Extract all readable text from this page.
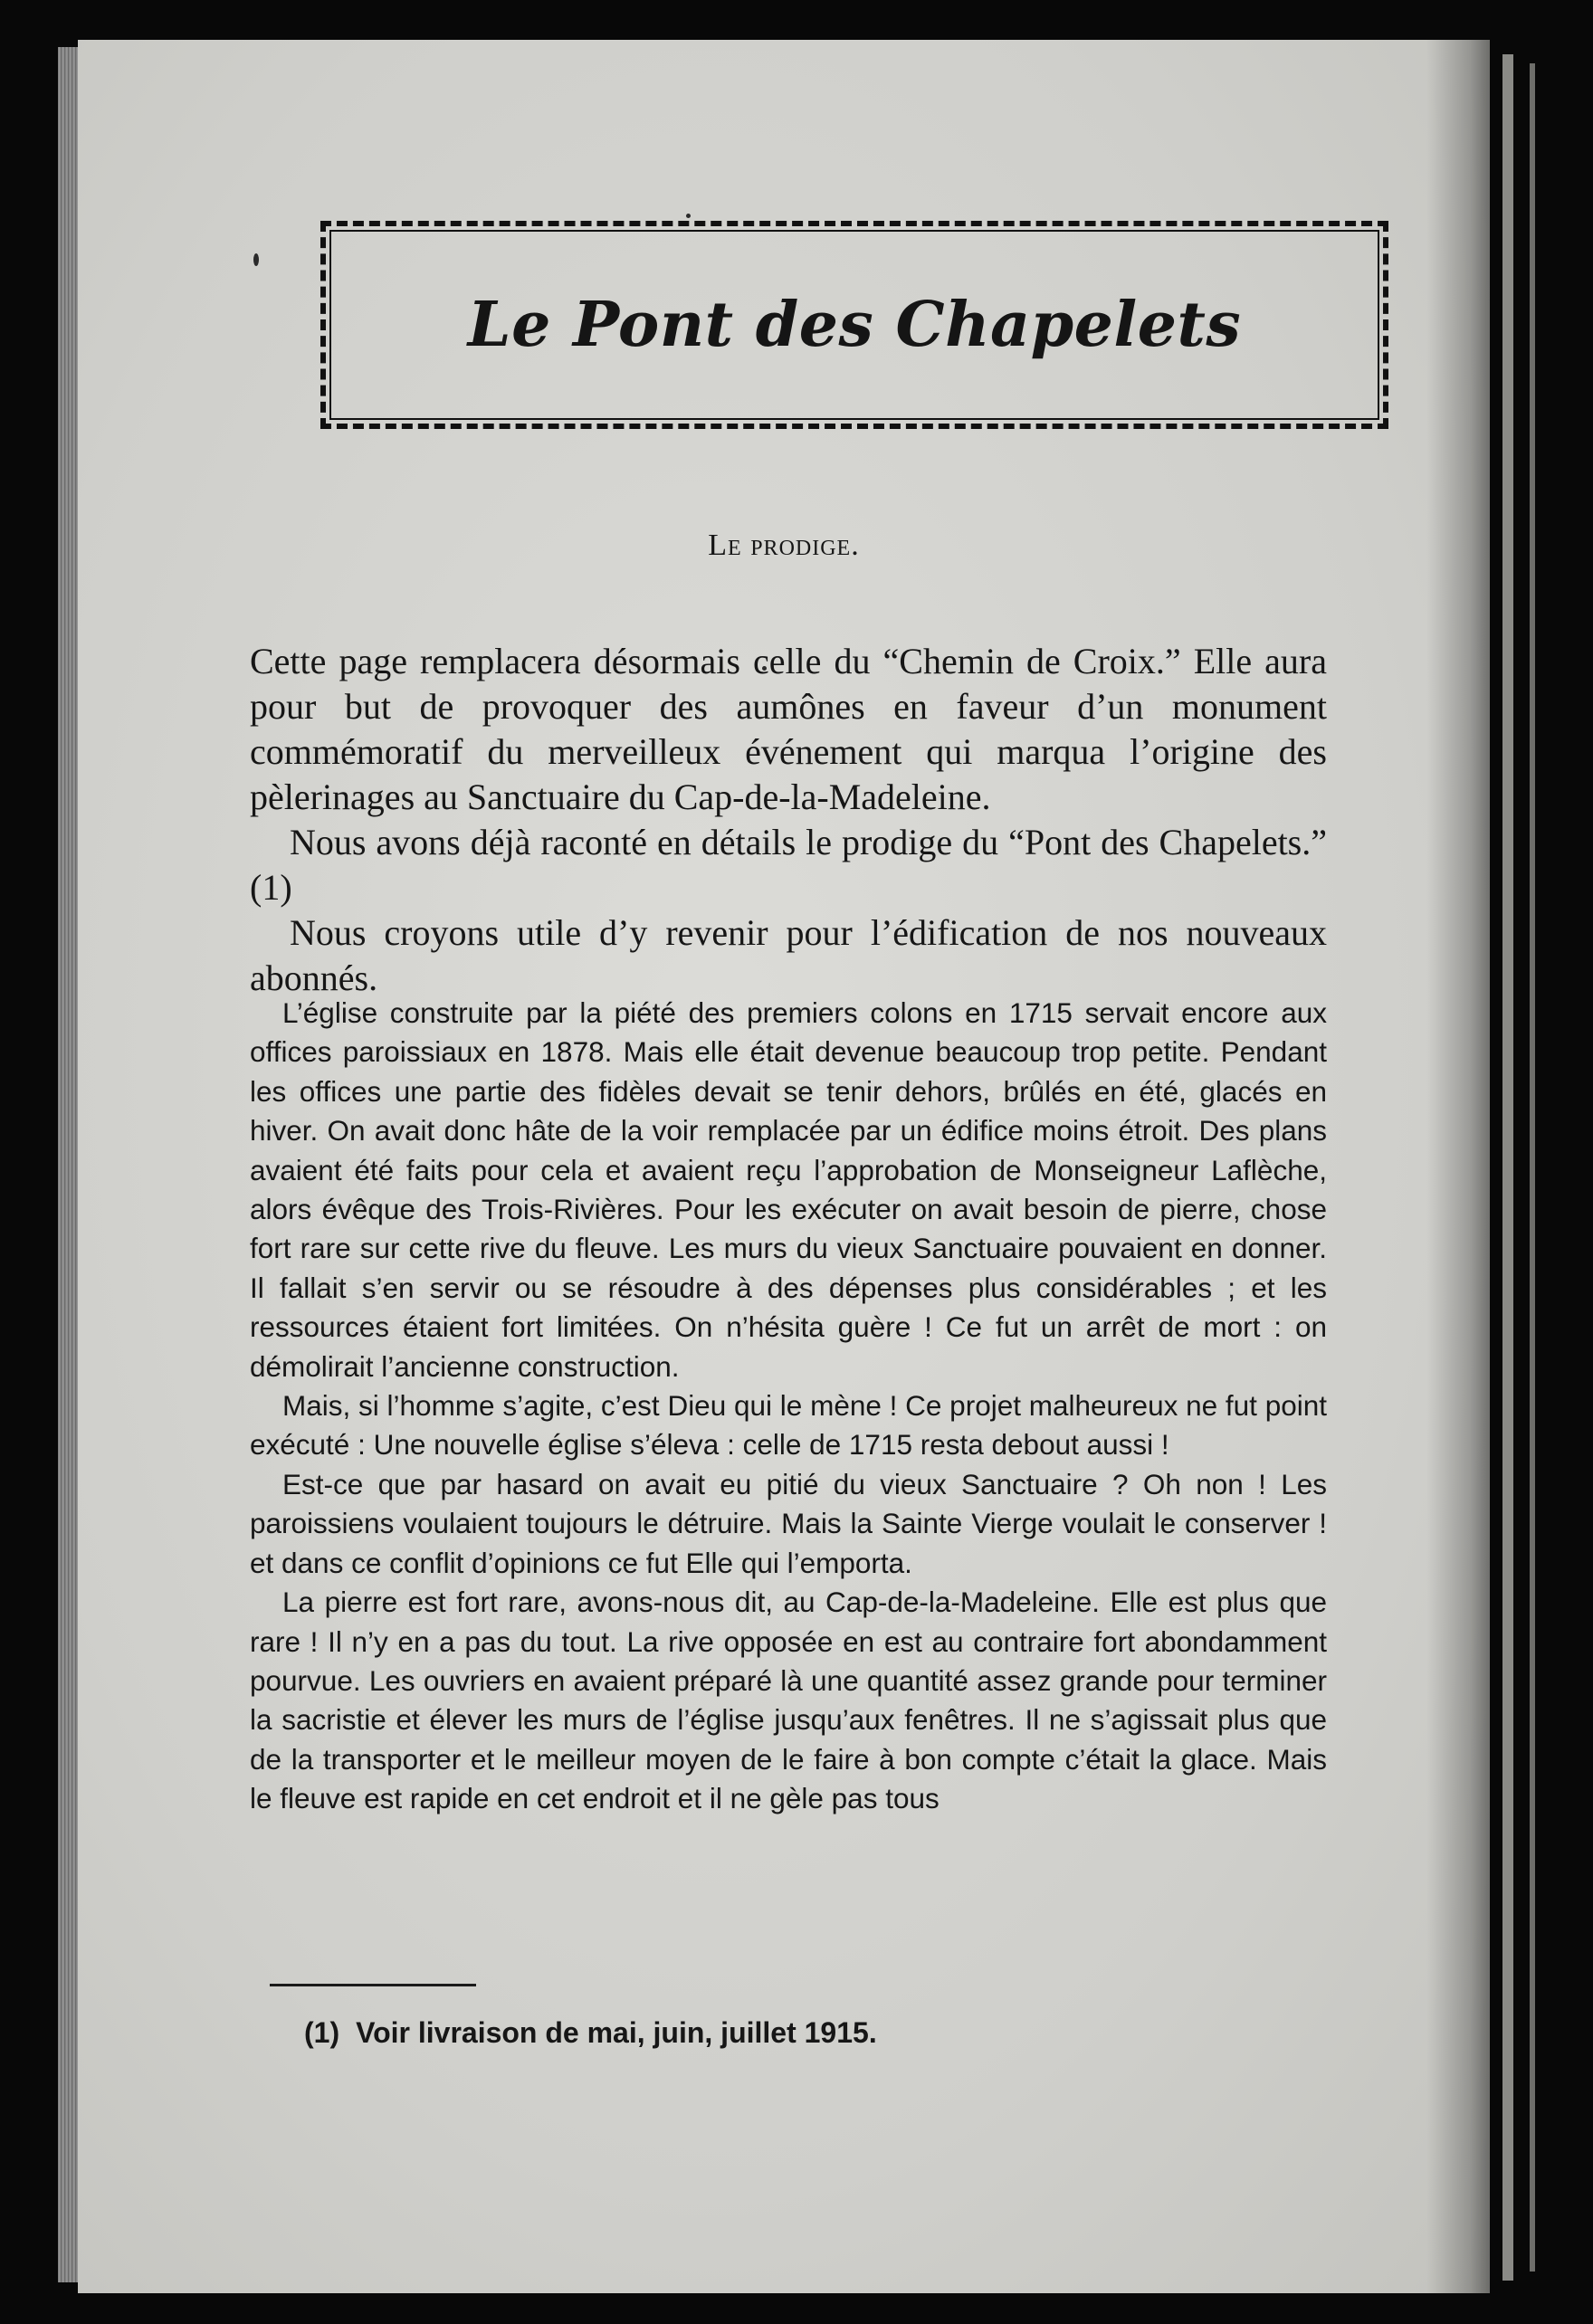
Le Pont des Chapelets
Le prodige.

Cette page remplacera désormais celle du “Chemin de Croix.” Elle aura pour but de provoquer des aumônes en faveur d’un monument commémoratif du merveilleux événement qui marqua l’origine des pèlerinages au Sanctuaire du Cap-de-la-Madeleine.

Nous avons déjà raconté en détails le prodige du “Pont des Chapelets.” (1)

Nous croyons utile d’y revenir pour l’édification de nos nouveaux abonnés.

L’église construite par la piété des premiers colons en 1715 servait encore aux offices paroissiaux en 1878. Mais elle était devenue beaucoup trop petite. Pendant les offices une partie des fidèles devait se tenir dehors, brûlés en été, glacés en hiver. On avait donc hâte de la voir remplacée par un édifice moins étroit. Des plans avaient été faits pour cela et avaient reçu l’approbation de Monseigneur Laflèche, alors évêque des Trois-Rivières. Pour les exécuter on avait besoin de pierre, chose fort rare sur cette rive du fleuve. Les murs du vieux Sanctuaire pouvaient en donner. Il fallait s’en servir ou se résoudre à des dépenses plus considérables ; et les ressources étaient fort limitées. On n’hésita guère ! Ce fut un arrêt de mort : on démolirait l’ancienne construction.

Mais, si l’homme s’agite, c’est Dieu qui le mène ! Ce projet malheureux ne fut point exécuté : Une nouvelle église s’éleva : celle de 1715 resta debout aussi !

Est-ce que par hasard on avait eu pitié du vieux Sanctuaire ? Oh non ! Les paroissiens voulaient toujours le détruire. Mais la Sainte Vierge voulait le conserver ! et dans ce conflit d’opinions ce fut Elle qui l’emporta.

La pierre est fort rare, avons-nous dit, au Cap-de-la-Madeleine. Elle est plus que rare ! Il n’y en a pas du tout. La rive opposée en est au contraire fort abondamment pourvue. Les ouvriers en avaient préparé là une quantité assez grande pour terminer la sacristie et élever les murs de l’église jusqu’aux fenêtres. Il ne s’agissait plus que de la transporter et le meilleur moyen de le faire à bon compte c’était la glace. Mais le fleuve est rapide en cet endroit et il ne gèle pas tous

(1) Voir livraison de mai, juin, juillet 1915.
